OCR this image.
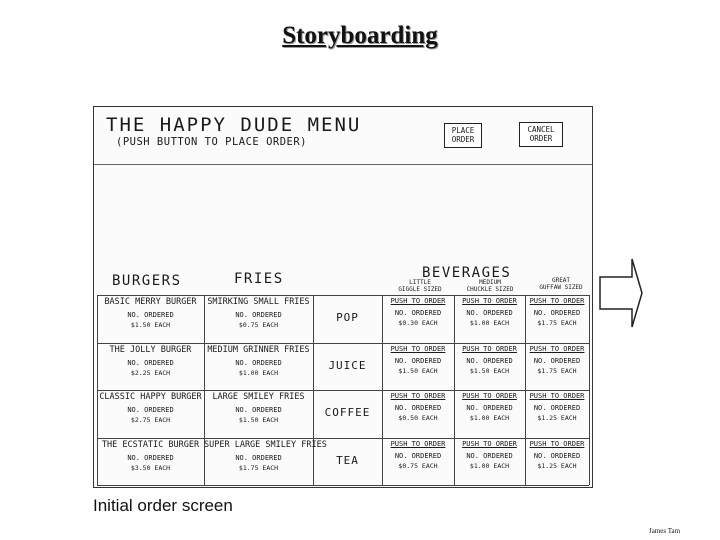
Storyboarding
THE HAPPY DUDE MENU
(PUSH BUTTON TO PLACE ORDER)
PLACE
ORDER
CANCEL
ORDER
BURGERS	FRIES	BEVERAGES
LITTLE
GIGGLE SIZED
MEDIUM
CHUCKLE SIZED
GREAT
GUFFAW SIZED
BASIC MERRY BURGER
NO. ORDERED
$1.50 EACH
SMIRKING SMALL FRIES
NO. ORDERED
$0.75 EACH
POP
PUSH TO ORDER
NO. ORDERED
$0.30 EACH
PUSH TO ORDER
NO. ORDERED
$1.00 EACH
PUSH TO ORDER
NO. ORDERED
$1.75 EACH
THE JOLLY BURGER
NO. ORDERED
$2.25 EACH
MEDIUM GRINNER FRIES
NO. ORDERED
$1.00 EACH
JUICE
PUSH TO ORDER
NO. ORDERED
$1.50 EACH
PUSH TO ORDER
NO. ORDERED
$1.50 EACH
PUSH TO ORDER
NO. ORDERED
$1.75 EACH
CLASSIC HAPPY BURGER
NO. ORDERED
$2.75 EACH
LARGE SMILEY FRIES
NO. ORDERED
$1.50 EACH
COFFEE
PUSH TO ORDER
NO. ORDERED
$0.50 EACH
PUSH TO ORDER
NO. ORDERED
$1.00 EACH
PUSH TO ORDER
NO. ORDERED
$1.25 EACH
THE ECSTATIC BURGER
NO. ORDERED
$3.50 EACH
SUPER LARGE SMILEY FRIES
NO. ORDERED
$1.75 EACH
TEA
PUSH TO ORDER
NO. ORDERED
$0.75 EACH
PUSH TO ORDER
NO. ORDERED
$1.00 EACH
PUSH TO ORDER
NO. ORDERED
$1.25 EACH
Initial order screen
James Tam
